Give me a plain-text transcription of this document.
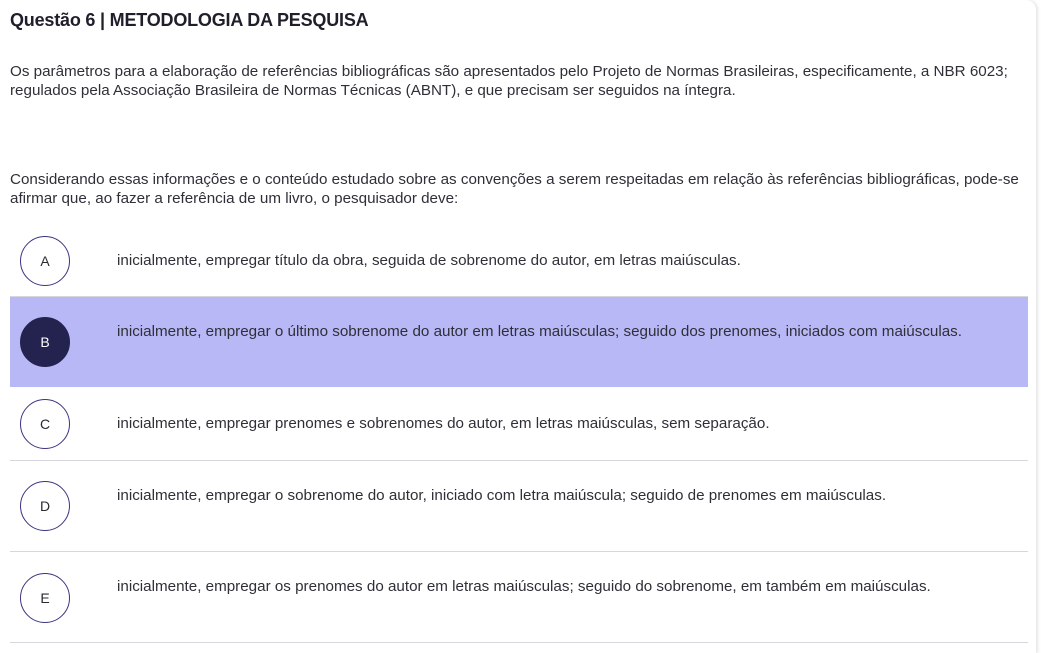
Questão 6 | METODOLOGIA DA PESQUISA
Os parâmetros para a elaboração de referências bibliográficas são apresentados pelo Projeto de Normas Brasileiras, especificamente, a NBR 6023; regulados pela Associação Brasileira de Normas Técnicas (ABNT), e que precisam ser seguidos na íntegra.
Considerando essas informações e o conteúdo estudado sobre as convenções a serem respeitadas em relação às referências bibliográficas, pode-se afirmar que, ao fazer a referência de um livro, o pesquisador deve:
A	inicialmente, empregar título da obra, seguida de sobrenome do autor, em letras maiúsculas.
B
inicialmente, empregar o último sobrenome do autor em letras maiúsculas; seguido dos prenomes, iniciados com maiúsculas.
C	inicialmente, empregar prenomes e sobrenomes do autor, em letras maiúsculas, sem separação.
D
inicialmente, empregar o sobrenome do autor, iniciado com letra maiúscula; seguido de prenomes em maiúsculas.
E
inicialmente, empregar os prenomes do autor em letras maiúsculas; seguido do sobrenome, em também em maiúsculas.
